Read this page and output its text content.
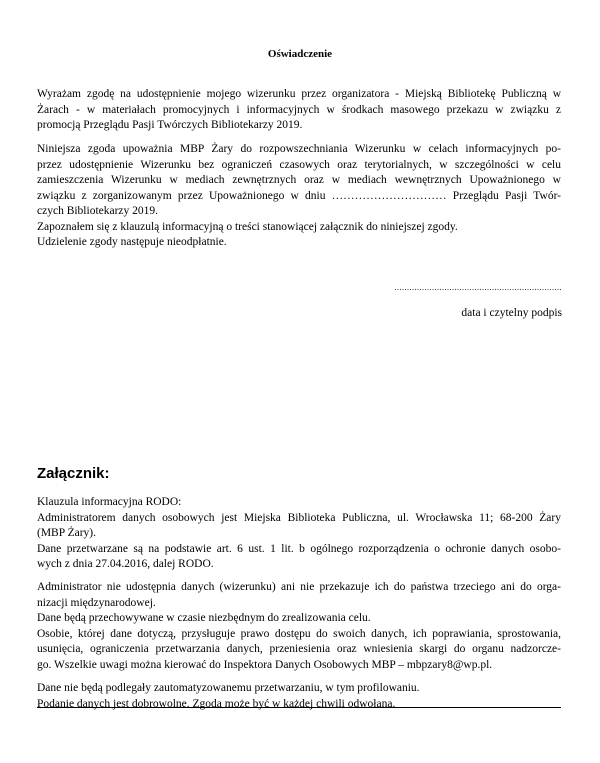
Oświadczenie
Wyrażam zgodę na udostępnienie mojego wizerunku przez organizatora - Miejską Bibliotekę Publiczną w
Żarach - w materiałach promocyjnych i informacyjnych w środkach masowego przekazu w związku z
promocją Przeglądu Pasji Twórczych Bibliotekarzy 2019.
Niniejsza zgoda upoważnia MBP Żary do rozpowszechniania Wizerunku w celach informacyjnych po-
przez udostępnienie Wizerunku bez ograniczeń czasowych oraz terytorialnych, w szczególności w celu
zamieszczenia Wizerunku w mediach zewnętrznych oraz w mediach wewnętrznych Upoważnionego w
związku z zorganizowanym przez Upoważnionego w dniu ………………………… Przeglądu Pasji Twór-
czych Bibliotekarzy 2019.
Zapoznałem się z klauzulą informacyjną o treści stanowiącej załącznik do niniejszej zgody.
Udzielenie zgody następuje nieodpłatnie.
...................................................................
data i czytelny podpis
Załącznik:
Klauzula informacyjna RODO:
Administratorem danych osobowych jest Miejska Biblioteka Publiczna, ul. Wrocławska 11; 68-200 Żary
(MBP Żary).
Dane przetwarzane są na podstawie art. 6 ust. 1 lit. b ogólnego rozporządzenia o ochronie danych osobo-
wych z dnia 27.04.2016, dalej RODO.
Administrator nie udostępnia danych (wizerunku) ani nie przekazuje ich do państwa trzeciego ani do orga-
nizacji międzynarodowej.
Dane będą przechowywane w czasie niezbędnym do zrealizowania celu.
Osobie, której dane dotyczą, przysługuje prawo dostępu do swoich danych, ich poprawiania, sprostowania,
usunięcia, ograniczenia przetwarzania danych, przeniesienia oraz wniesienia skargi do organu nadzorcze-
go. Wszelkie uwagi można kierować do Inspektora Danych Osobowych MBP – mbpzary8@wp.pl.
Dane nie będą podlegały zautomatyzowanemu przetwarzaniu, w tym profilowaniu.
Podanie danych jest dobrowolne. Zgoda może być w każdej chwili odwołana.
